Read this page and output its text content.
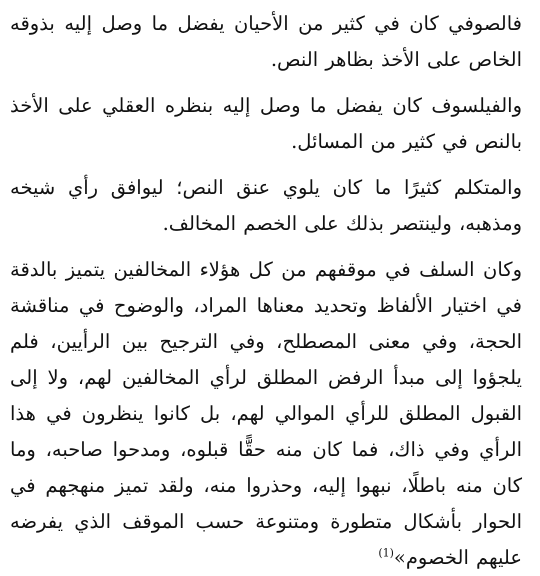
فالصوفي كان في كثير من الأحيان يفضل ما وصل إليه بذوقه الخاص على الأخذ بظاهر النص.

والفيلسوف كان يفضل ما وصل إليه بنظره العقلي على الأخذ بالنص في كثير من المسائل.

والمتكلم كثيرًا ما كان يلوي عنق النص؛ ليوافق رأي شيخه ومذهبه، ولينتصر بذلك على الخصم المخالف.

وكان السلف في موقفهم من كل هؤلاء المخالفين يتميز بالدقة في اختيار الألفاظ وتحديد معناها المراد، والوضوح في مناقشة الحجة، وفي معنى المصطلح، وفي الترجيح بين الرأيين، فلم يلجؤوا إلى مبدأ الرفض المطلق لرأي المخالفين لهم، ولا إلى القبول المطلق للرأي الموالي لهم، بل كانوا ينظرون في هذا الرأي وفي ذاك، فما كان منه حقًّا قبلوه، ومدحوا صاحبه، وما كان منه باطلًا، نبهوا إليه، وحذروا منه، ولقد تميز منهجهم في الحوار بأشكال متطورة ومتنوعة حسب الموقف الذي يفرضه عليهم الخصوم»$^{(1)}$
